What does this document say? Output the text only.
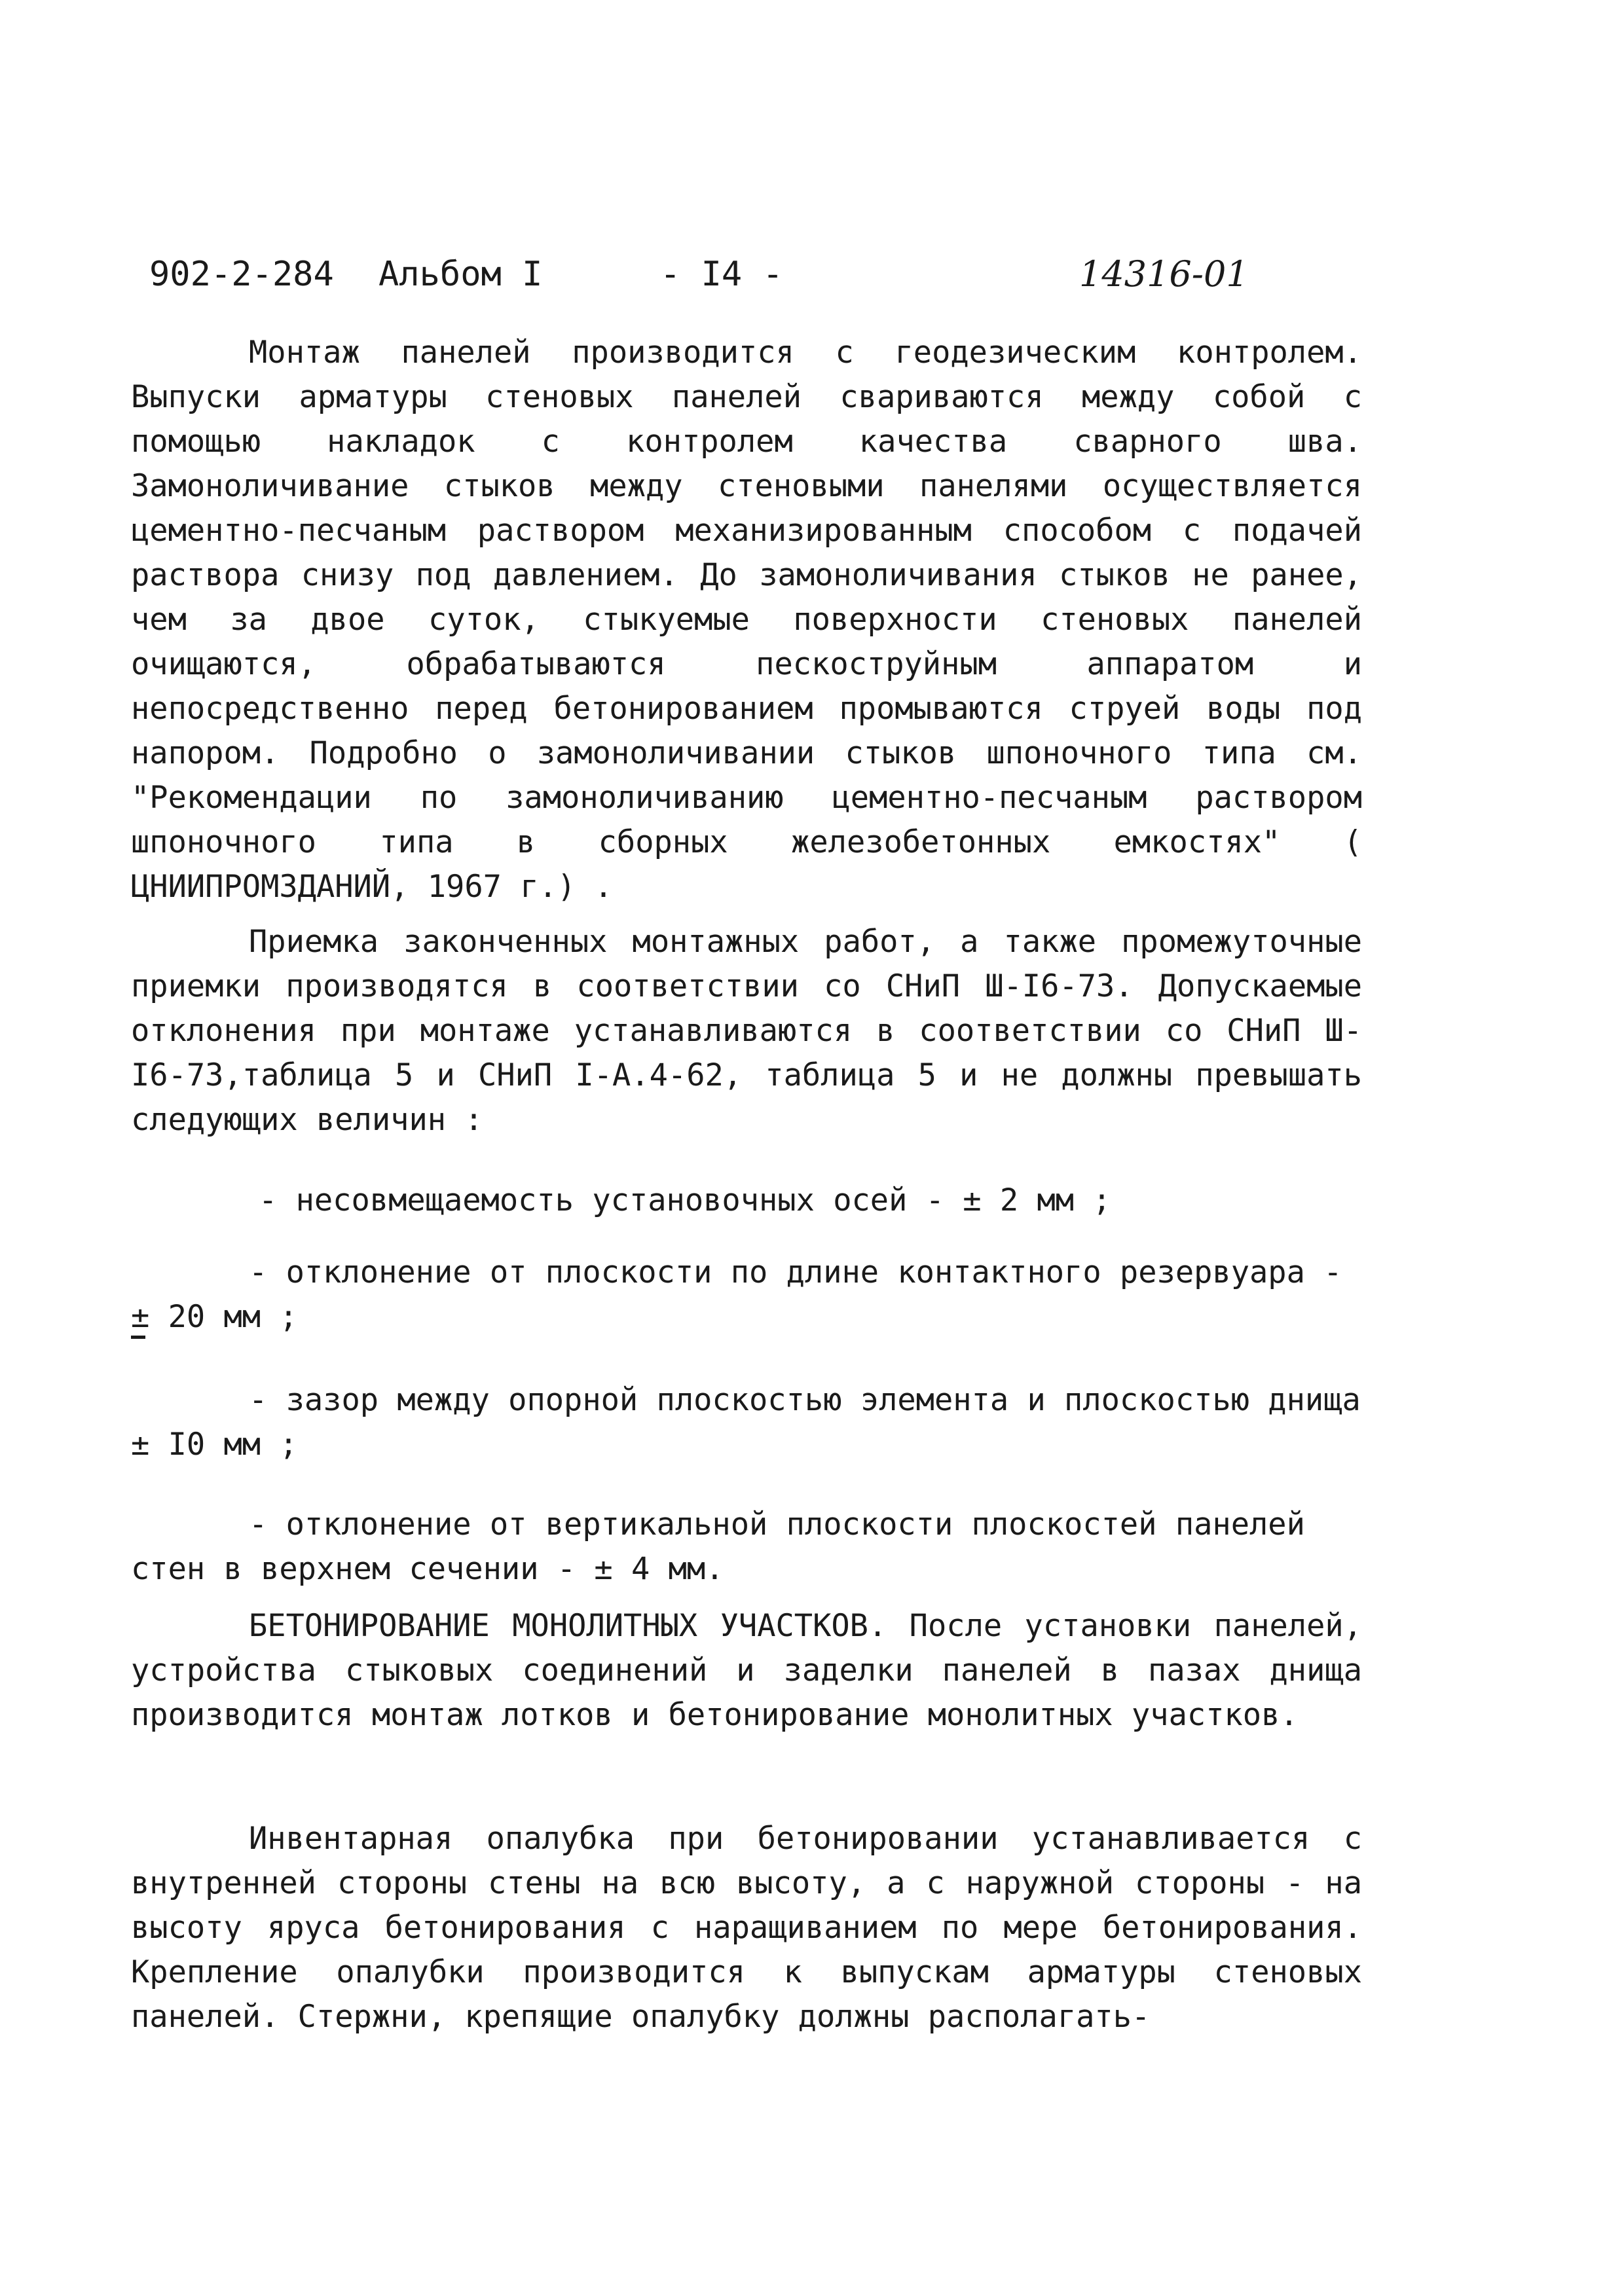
902-2-284 Альбом I	- I4 -	14316-01

Монтаж панелей производится с геодезическим контролем. Выпуски арматуры стеновых панелей свариваются между собой с помощью накладок с контролем качества сварного шва. Замоноличивание стыков между стеновыми панелями осуществляется цементно-песчаным раствором механизированным способом с подачей раствора снизу под давлением. До замоноличивания стыков не ранее, чем за двое суток, стыкуемые поверхности стеновых панелей очищаются, обрабатываются пескоструйным аппаратом и непосредственно перед бетонированием промываются струей воды под напором. Подробно о замоноличивании стыков шпоночного типа см. "Рекомендации по замоноличиванию цементно-песчаным раствором шпоночного типа в сборных железобетонных емкостях" ( ЦНИИПРОМЗДАНИЙ, 1967 г.) .

Приемка законченных монтажных работ, а также промежуточные приемки производятся в соответствии со СНиП Ш-I6-73. Допускаемые отклонения при монтаже устанавливаются в соответствии со СНиП Ш-I6-73,таблица 5 и СНиП I-А.4-62, таблица 5 и не должны превышать следующих величин :

- несовмещаемость установочных осей - ± 2 мм ;

- отклонение от плоскости по длине контактного резервуара - ± 20 мм ;

- зазор между опорной плоскостью элемента и плоскостью днища ± I0 мм ;

- отклонение от вертикальной плоскости плоскостей панелей стен в верхнем сечении - ± 4 мм.

БЕТОНИРОВАНИЕ МОНОЛИТНЫХ УЧАСТКОВ. После установки панелей, устройства стыковых соединений и заделки панелей в пазах днища производится монтаж лотков и бетонирование монолитных участков.

Инвентарная опалубка при бетонировании устанавливается с внутренней стороны стены на всю высоту, а с наружной стороны - на высоту яруса бетонирования с наращиванием по мере бетонирования. Крепление опалубки производится к выпускам арматуры стеновых панелей. Стержни, крепящие опалубку должны располагать-
